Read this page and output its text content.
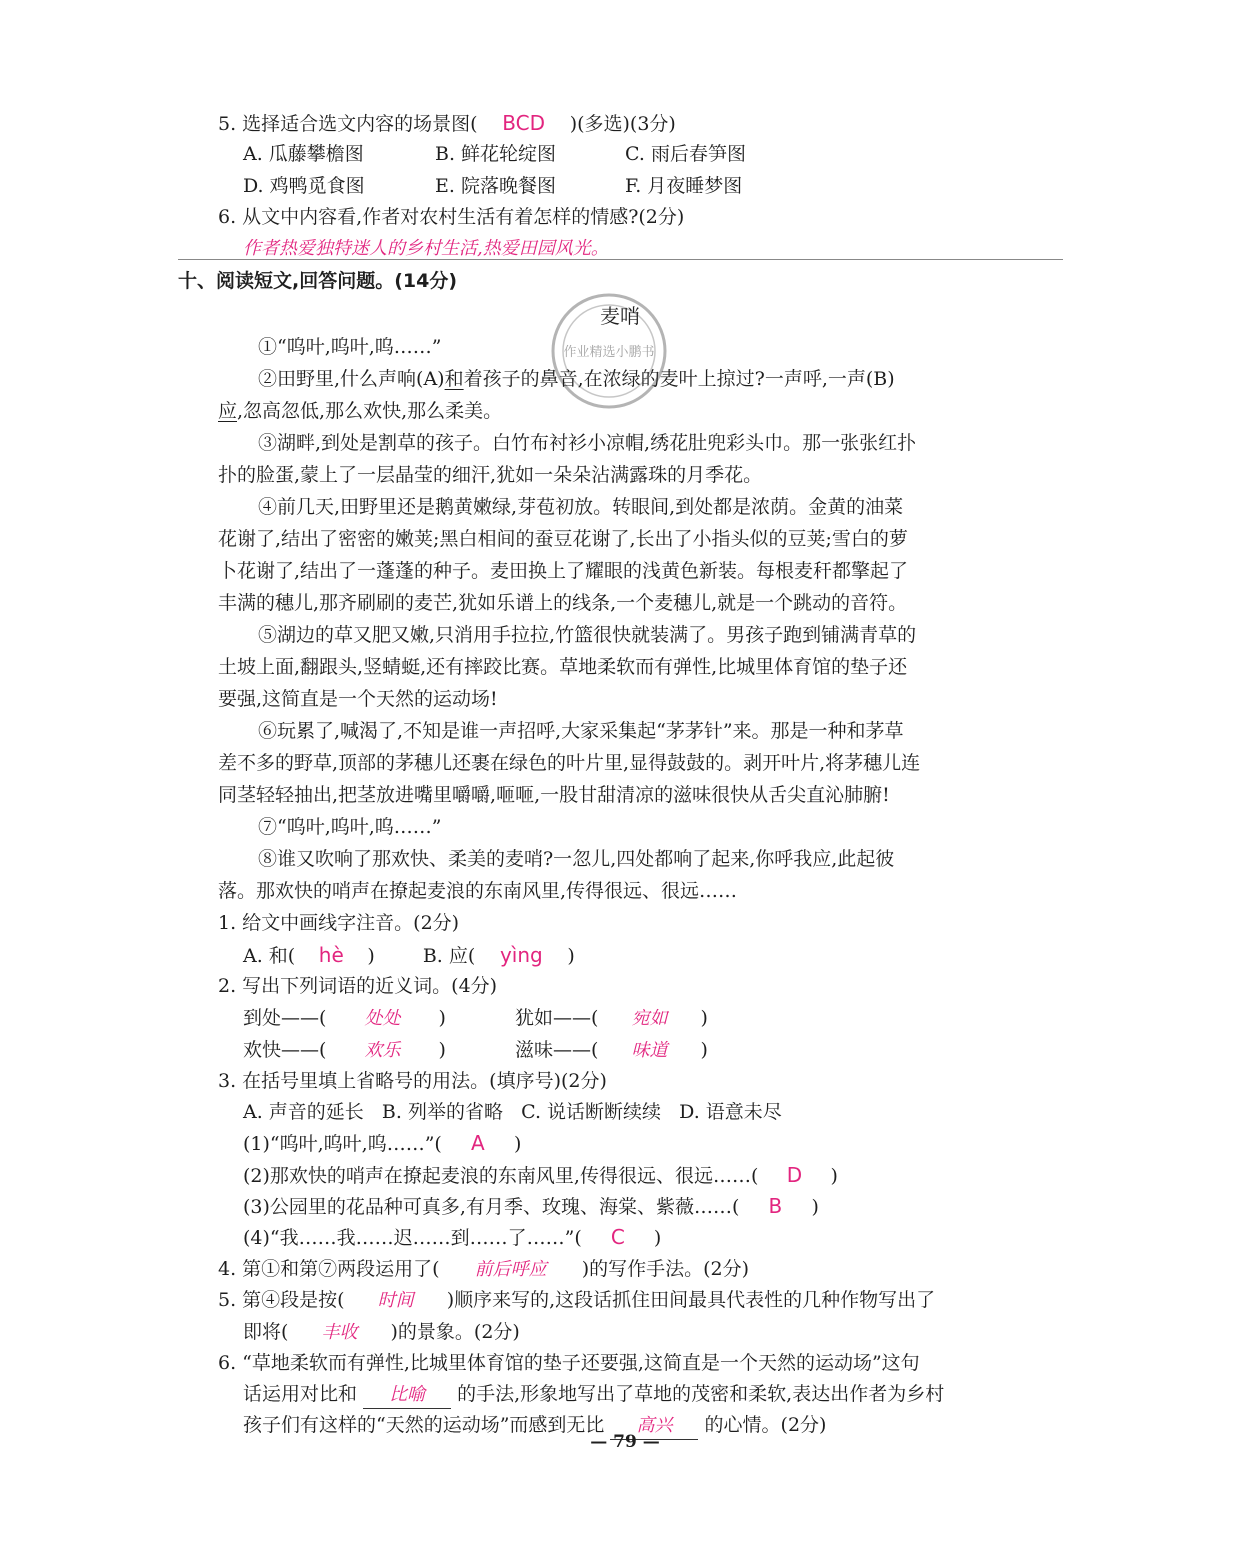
5. 选择适合选文内容的场景图( BCD )(多选)(3分)
A. 瓜藤攀檐图	B. 鲜花轮绽图	C. 雨后春笋图
D. 鸡鸭觅食图	E. 院落晚餐图	F. 月夜睡梦图
6. 从文中内容看,作者对农村生活有着怎样的情感?(2分)
作者热爱独特迷人的乡村生活,热爱田园风光。
十、阅读短文,回答问题。(14分)
作业精选小鹏书
麦哨
①“呜叶,呜叶,呜……”
②田野里,什么声响(A)和着孩子的鼻音,在浓绿的麦叶上掠过?一声呼,一声(B)
应,忽高忽低,那么欢快,那么柔美。
③湖畔,到处是割草的孩子。白竹布衬衫小凉帽,绣花肚兜彩头巾。那一张张红扑
扑的脸蛋,蒙上了一层晶莹的细汗,犹如一朵朵沾满露珠的月季花。
④前几天,田野里还是鹅黄嫩绿,芽苞初放。转眼间,到处都是浓荫。金黄的油菜
花谢了,结出了密密的嫩荚;黑白相间的蚕豆花谢了,长出了小指头似的豆荚;雪白的萝
卜花谢了,结出了一蓬蓬的种子。麦田换上了耀眼的浅黄色新装。每根麦秆都擎起了
丰满的穗儿,那齐刷刷的麦芒,犹如乐谱上的线条,一个麦穗儿,就是一个跳动的音符。
⑤湖边的草又肥又嫩,只消用手拉拉,竹篮很快就装满了。男孩子跑到铺满青草的
土坡上面,翻跟头,竖蜻蜓,还有摔跤比赛。草地柔软而有弹性,比城里体育馆的垫子还
要强,这简直是一个天然的运动场!
⑥玩累了,喊渴了,不知是谁一声招呼,大家采集起“茅茅针”来。那是一种和茅草
差不多的野草,顶部的茅穗儿还裹在绿色的叶片里,显得鼓鼓的。剥开叶片,将茅穗儿连
同茎轻轻抽出,把茎放进嘴里嚼嚼,咂咂,一股甘甜清凉的滋味很快从舌尖直沁肺腑!
⑦“呜叶,呜叶,呜……”
⑧谁又吹响了那欢快、柔美的麦哨?一忽儿,四处都响了起来,你呼我应,此起彼
落。那欢快的哨声在撩起麦浪的东南风里,传得很远、很远……
1. 给文中画线字注音。(2分)
A. 和( hè )	B. 应( yìng )
2. 写出下列词语的近义词。(4分)
到处——( 处处 )	犹如——( 宛如 )
欢快——( 欢乐 )	滋味——( 味道 )
3. 在括号里填上省略号的用法。(填序号)(2分)
A. 声音的延长   B. 列举的省略   C. 说话断断续续   D. 语意未尽
(1)“呜叶,呜叶,呜……”( A )
(2)那欢快的哨声在撩起麦浪的东南风里,传得很远、很远……( D )
(3)公园里的花品种可真多,有月季、玫瑰、海棠、紫薇……( B )
(4)“我……我……迟……到……了……”( C )
4. 第①和第⑦两段运用了( 前后呼应 )的写作手法。(2分)
5. 第④段是按( 时间 )顺序来写的,这段话抓住田间最具代表性的几种作物写出了
即将( 丰收 )的景象。(2分)
6. “草地柔软而有弹性,比城里体育馆的垫子还要强,这简直是一个天然的运动场”这句
话运用对比和 比喻 的手法,形象地写出了草地的茂密和柔软,表达出作者为乡村
孩子们有这样的“天然的运动场”而感到无比 高兴 的心情。(2分)
— 79 —
